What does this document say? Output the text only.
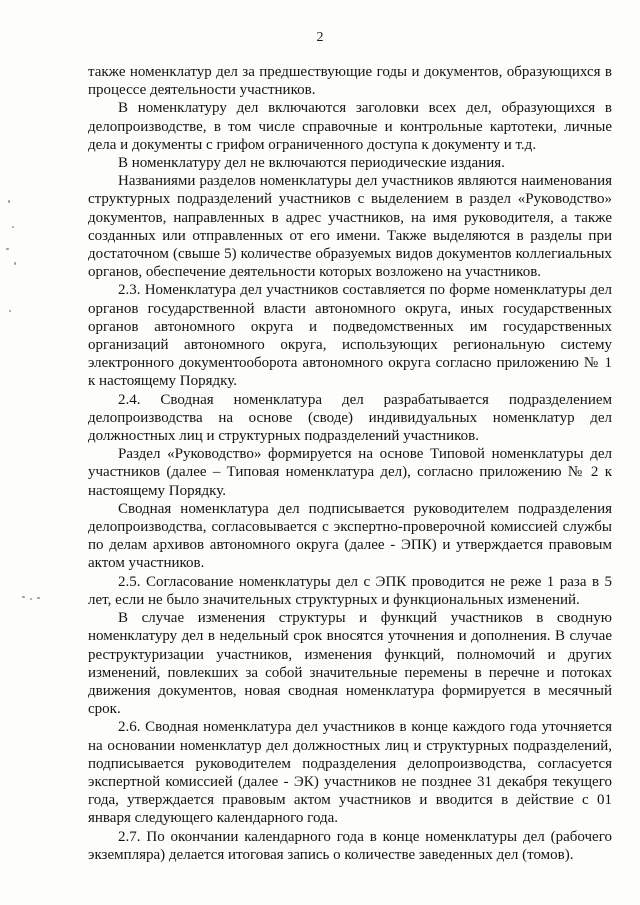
2

также номенклатур дел за предшествующие годы и документов, образующихся в процессе деятельности участников.

В номенклатуру дел включаются заголовки всех дел, образующихся в делопроизводстве, в том числе справочные и контрольные картотеки, личные дела и документы с грифом ограниченного доступа к документу и т.д.

В номенклатуру дел не включаются периодические издания.

Названиями разделов номенклатуры дел участников являются наименования структурных подразделений участников с выделением в раздел «Руководство» документов, направленных в адрес участников, на имя руководителя, а также созданных или отправленных от его имени. Также выделяются в разделы при достаточном (свыше 5) количестве образуемых видов документов коллегиальных органов, обеспечение деятельности которых возложено на участников.

2.3. Номенклатура дел участников составляется по форме номенклатуры дел органов государственной власти автономного округа, иных государственных органов автономного округа и подведомственных им государственных организаций автономного округа, использующих региональную систему электронного документооборота автономного округа согласно приложению № 1 к настоящему Порядку.

2.4. Сводная номенклатура дел разрабатывается подразделением делопроизводства на основе (своде) индивидуальных номенклатур дел должностных лиц и структурных подразделений участников.

Раздел «Руководство» формируется на основе Типовой номенклатуры дел участников (далее – Типовая номенклатура дел), согласно приложению № 2 к настоящему Порядку.

Сводная номенклатура дел подписывается руководителем подразделения делопроизводства, согласовывается с экспертно-проверочной комиссией службы по делам архивов автономного округа (далее - ЭПК) и утверждается правовым актом участников.

2.5. Согласование номенклатуры дел с ЭПК проводится не реже 1 раза в 5 лет, если не было значительных структурных и функциональных изменений.

В случае изменения структуры и функций участников в сводную номенклатуру дел в недельный срок вносятся уточнения и дополнения. В случае реструктуризации участников, изменения функций, полномочий и других изменений, повлекших за собой значительные перемены в перечне и потоках движения документов, новая сводная номенклатура формируется в месячный срок.

2.6. Сводная номенклатура дел участников в конце каждого года уточняется на основании номенклатур дел должностных лиц и структурных подразделений, подписывается руководителем подразделения делопроизводства, согласуется экспертной комиссией (далее - ЭК) участников не позднее 31 декабря текущего года, утверждается правовым актом участников и вводится в действие с 01 января следующего календарного года.

2.7. По окончании календарного года в конце номенклатуры дел (рабочего экземпляра) делается итоговая запись о количестве заведенных дел (томов).
